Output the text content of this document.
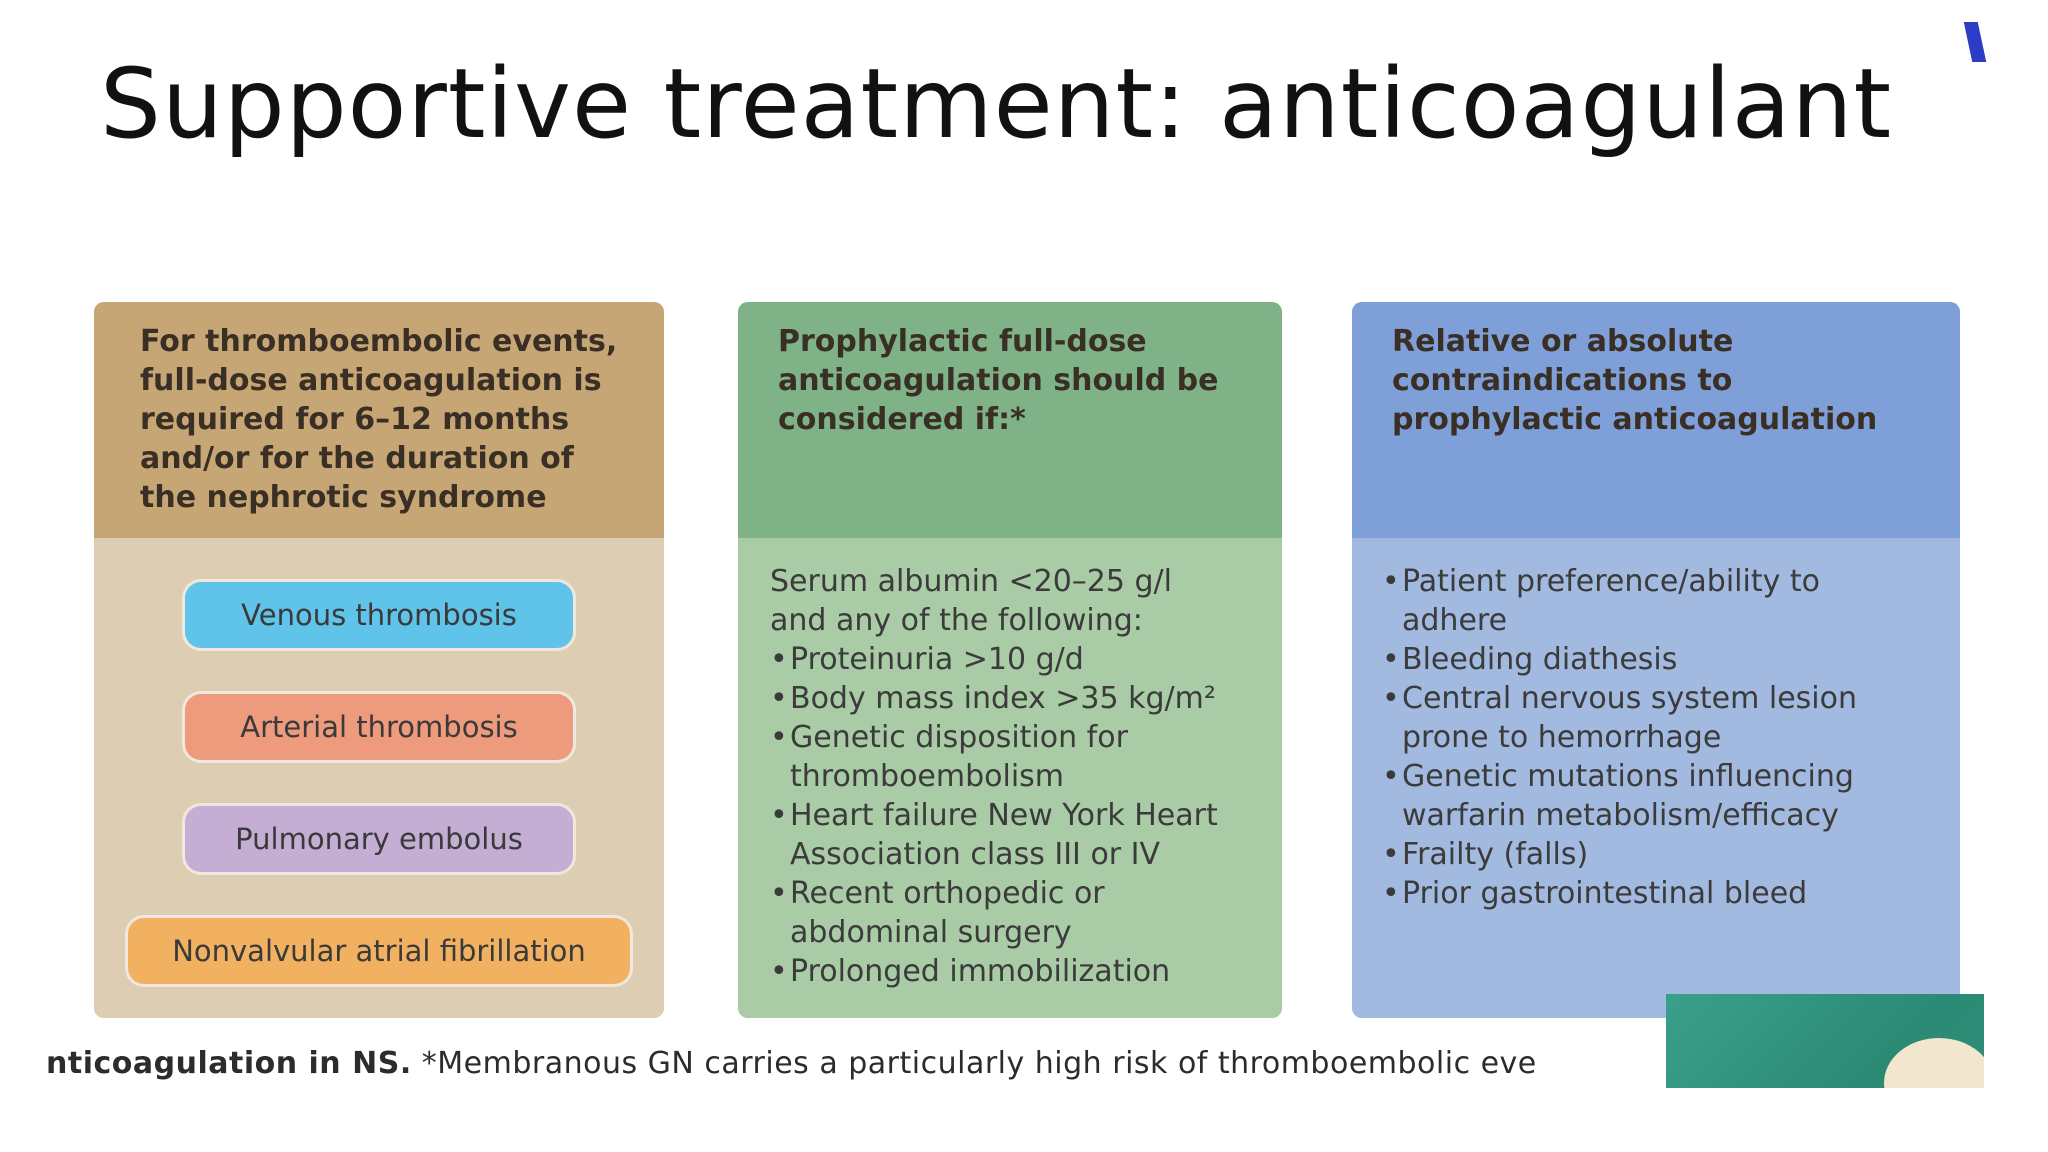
Supportive treatment: anticoagulant
For thromboembolic events, full-dose anticoagulation is required for 6–12 months and/or for the duration of the nephrotic syndrome
Venous thrombosis
Arterial thrombosis
Pulmonary embolus
Nonvalvular atrial fibrillation
Prophylactic full-dose anticoagulation should be considered if:*
Serum albumin <20–25 g/l
and any of the following:
• Proteinuria >10 g/d
• Body mass index >35 kg/m²
• Genetic disposition for thromboembolism
• Heart failure New York Heart Association class III or IV
• Recent orthopedic or abdominal surgery
• Prolonged immobilization
Relative or absolute contraindications to prophylactic anticoagulation
• Patient preference/ability to adhere
• Bleeding diathesis
• Central nervous system lesion prone to hemorrhage
• Genetic mutations influencing warfarin metabolism/efficacy
• Frailty (falls)
• Prior gastrointestinal bleed
nticoagulation in NS. *Membranous GN carries a particularly high risk of thromboembolic eve
